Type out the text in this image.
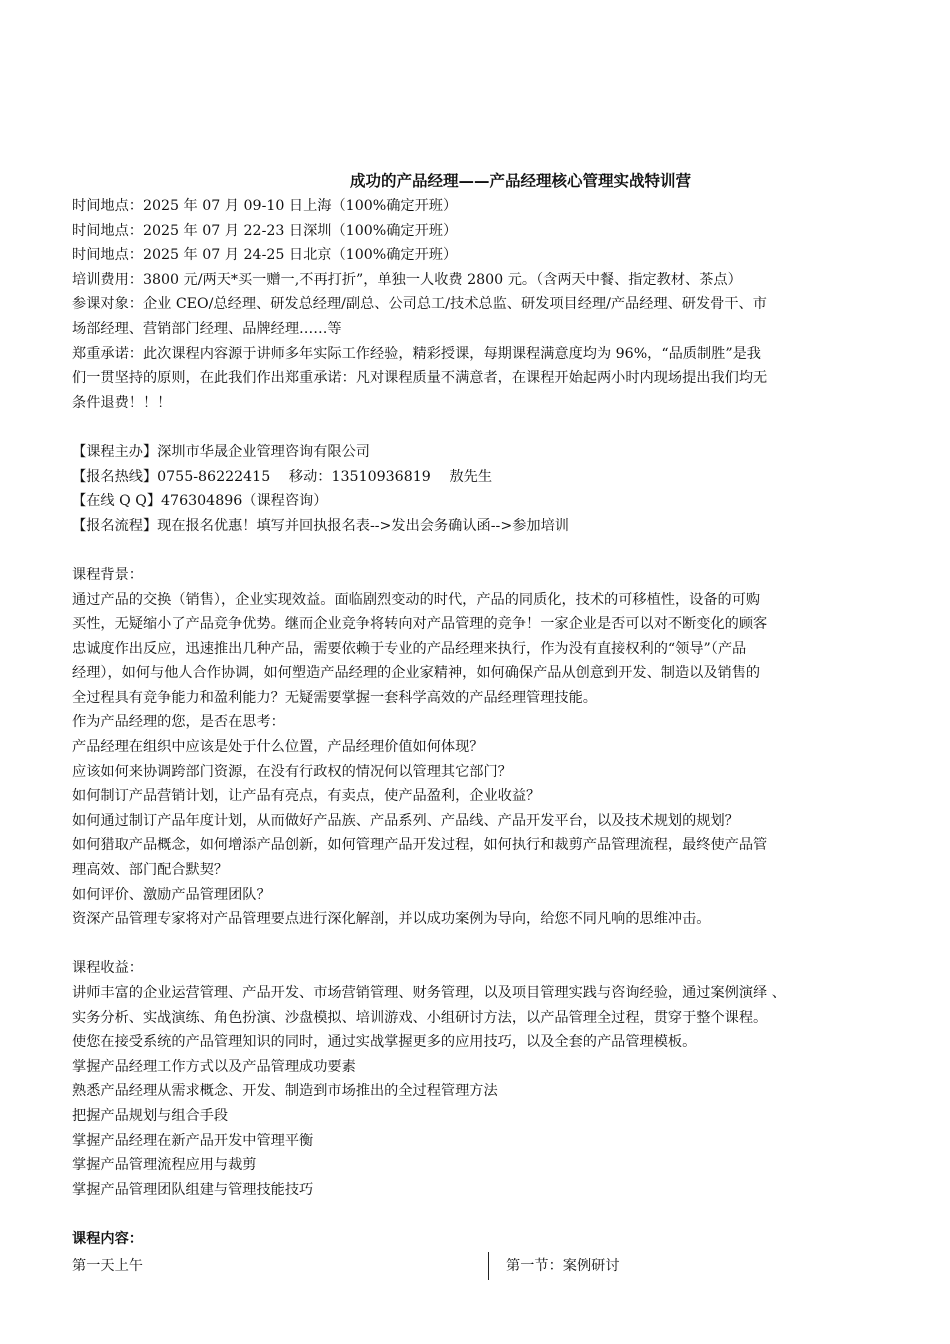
成功的产品经理——产品经理核心管理实战特训营
时间地点：2025 年 07 月 09-10 日上海（100%确定开班）
时间地点：2025 年 07 月 22-23 日深圳（100%确定开班）
时间地点：2025 年 07 月 24-25 日北京（100%确定开班）
培训费用：3800 元/两天*买一赠一,不再打折”，单独一人收费 2800 元。（含两天中餐、指定教材、茶点）
参课对象：企业 CEO/总经理、研发总经理/副总、公司总工/技术总监、研发项目经理/产品经理、研发骨干、市
场部经理、营销部门经理、品牌经理……等
郑重承诺：此次课程内容源于讲师多年实际工作经验，精彩授课，每期课程满意度均为 96%，“品质制胜”是我
们一贯坚持的原则，在此我们作出郑重承诺：凡对课程质量不满意者，在课程开始起两小时内现场提出我们均无
条件退费！！！
【课程主办】深圳市华晟企业管理咨询有限公司
【报名热线】0755-86222415　 移动：13510936819　 敖先生
【在线 Q Q】476304896（课程咨询）
【报名流程】现在报名优惠！填写并回执报名表-->发出会务确认函-->参加培训
课程背景：
通过产品的交换（销售），企业实现效益。面临剧烈变动的时代，产品的同质化，技术的可移植性，设备的可购
买性，无疑缩小了产品竞争优势。继而企业竞争将转向对产品管理的竞争！一家企业是否可以对不断变化的顾客
忠诚度作出反应，迅速推出几种产品，需要依赖于专业的产品经理来执行，作为没有直接权利的“领导”（产品
经理），如何与他人合作协调，如何塑造产品经理的企业家精神，如何确保产品从创意到开发、制造以及销售的
全过程具有竞争能力和盈利能力？无疑需要掌握一套科学高效的产品经理管理技能。
作为产品经理的您，是否在思考：
产品经理在组织中应该是处于什么位置，产品经理价值如何体现？
应该如何来协调跨部门资源，在没有行政权的情况何以管理其它部门？
如何制订产品营销计划，让产品有亮点，有卖点，使产品盈利，企业收益？
如何通过制订产品年度计划，从而做好产品族、产品系列、产品线、产品开发平台，以及技术规划的规划？
如何猎取产品概念，如何增添产品创新，如何管理产品开发过程，如何执行和裁剪产品管理流程，最终使产品管
理高效、部门配合默契？
如何评价、激励产品管理团队？
资深产品管理专家将对产品管理要点进行深化解剖，并以成功案例为导向，给您不同凡响的思维冲击。
课程收益：
讲师丰富的企业运营管理、产品开发、市场营销管理、财务管理，以及项目管理实践与咨询经验，通过案例演绎 、
实务分析、实战演练、角色扮演、沙盘模拟、培训游戏、小组研讨方法，以产品管理全过程，贯穿于整个课程。
使您在接受系统的产品管理知识的同时，通过实战掌握更多的应用技巧，以及全套的产品管理模板。
掌握产品经理工作方式以及产品管理成功要素
熟悉产品经理从需求概念、开发、制造到市场推出的全过程管理方法
把握产品规划与组合手段
掌握产品经理在新产品开发中管理平衡
掌握产品管理流程应用与裁剪
掌握产品管理团队组建与管理技能技巧
课程内容：
第一天上午	第一节：案例研讨
